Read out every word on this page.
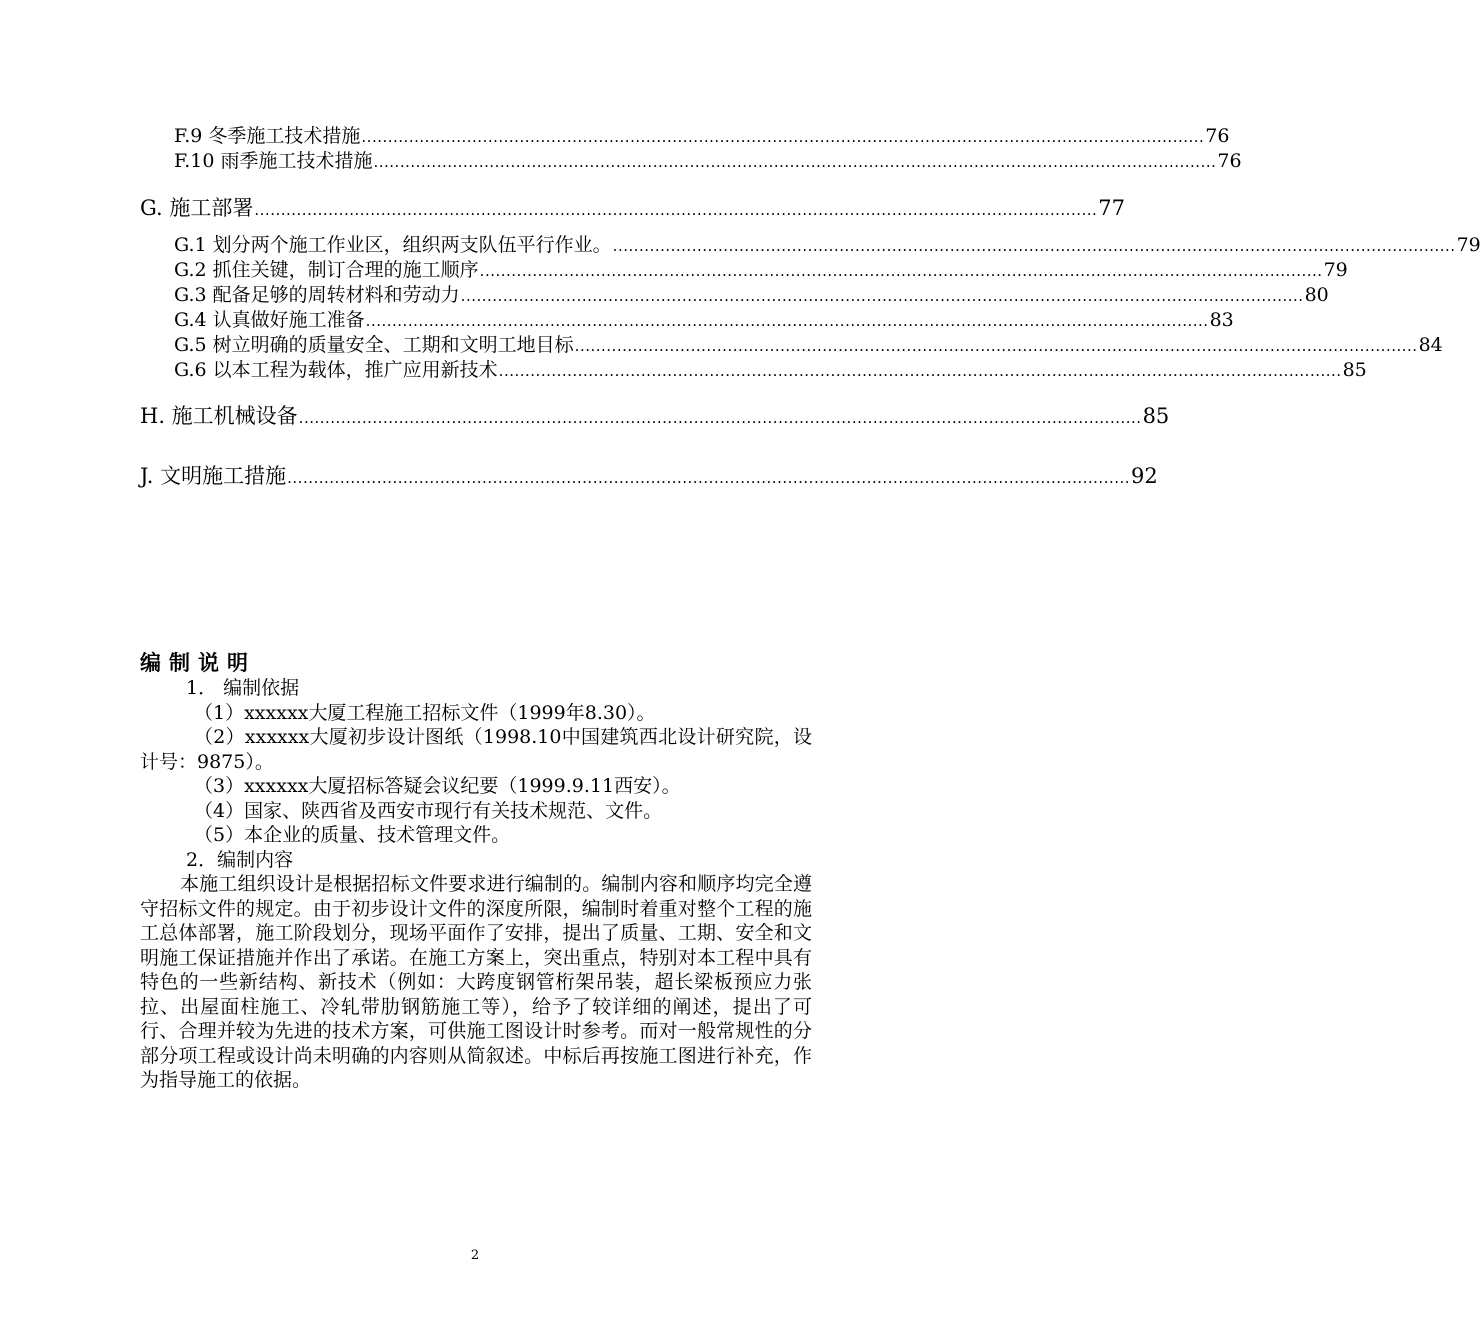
F.9 冬季施工技术措施 ................................................................................................................................................................ 76
F.10 雨季施工技术措施 ................................................................................................................................................................ 76
G. 施工部署 ................................................................................................................................................................ 77
G.1 划分两个施工作业区，组织两支队伍平行作业。 ................................................................................................................................................................ 79
G.2 抓住关键，制订合理的施工顺序 ................................................................................................................................................................ 79
G.3 配备足够的周转材料和劳动力 ................................................................................................................................................................ 80
G.4 认真做好施工准备 ................................................................................................................................................................ 83
G.5 树立明确的质量安全、工期和文明工地目标 ................................................................................................................................................................ 84
G.6 以本工程为载体，推广应用新技术 ................................................................................................................................................................ 85
H. 施工机械设备 ................................................................................................................................................................ 85
J. 文明施工措施 ................................................................................................................................................................ 92
编制说明

1． 编制依据

（1）xxxxxx大厦工程施工招标文件（1999年8.30）。

（2）xxxxxx大厦初步设计图纸（1998.10中国建筑西北设计研究院，设计号：9875）。

（3）xxxxxx大厦招标答疑会议纪要（1999.9.11西安）。

（4）国家、陕西省及西安市现行有关技术规范、文件。

（5）本企业的质量、技术管理文件。

2．编制内容

本施工组织设计是根据招标文件要求进行编制的。编制内容和顺序均完全遵守招标文件的规定。由于初步设计文件的深度所限，编制时着重对整个工程的施工总体部署，施工阶段划分，现场平面作了安排，提出了质量、工期、安全和文明施工保证措施并作出了承诺。在施工方案上，突出重点，特别对本工程中具有特色的一些新结构、新技术（例如：大跨度钢管桁架吊装，超长梁板预应力张拉、出屋面柱施工、冷轧带肋钢筋施工等），给予了较详细的阐述，提出了可行、合理并较为先进的技术方案，可供施工图设计时参考。而对一般常规性的分部分项工程或设计尚未明确的内容则从简叙述。中标后再按施工图进行补充，作为指导施工的依据。

2
